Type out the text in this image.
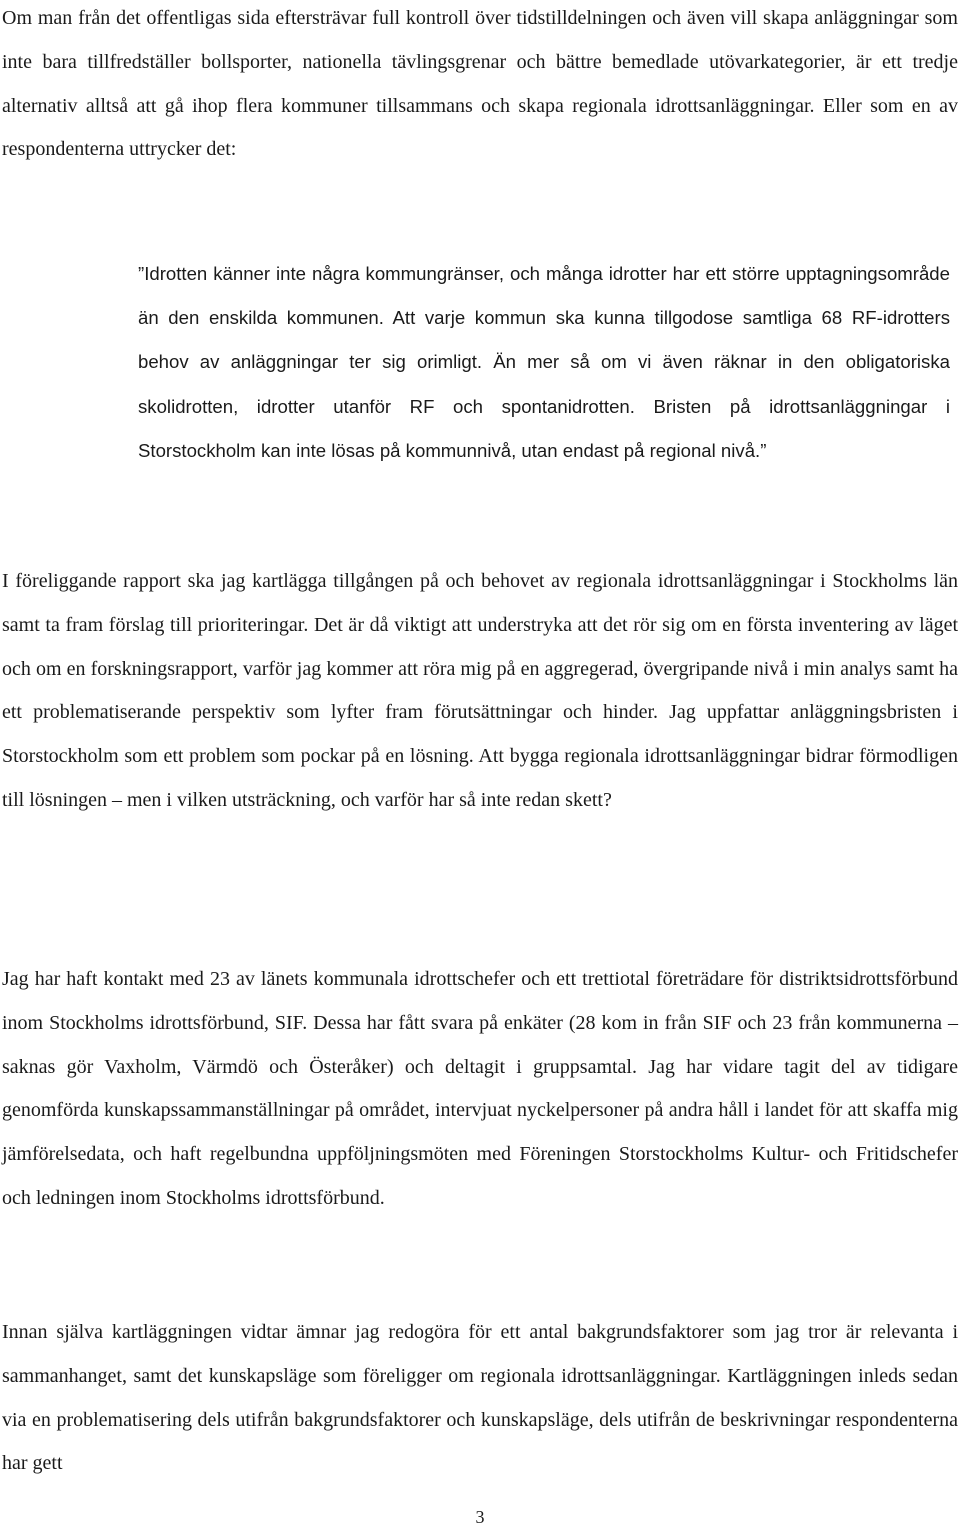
Om man från det offentligas sida eftersträvar full kontroll över tidstilldelningen och även vill skapa anläggningar som inte bara tillfredställer bollsporter, nationella tävlingsgrenar och bättre bemedlade utövarkategorier, är ett tredje alternativ alltså att gå ihop flera kommuner tillsammans och skapa regionala idrottsanläggningar. Eller som en av respondenterna uttrycker det:

”Idrotten känner inte några kommungränser, och många idrotter har ett större upptagningsområde än den enskilda kommunen. Att varje kommun ska kunna tillgodose samtliga 68 RF-idrotters behov av anläggningar ter sig orimligt. Än mer så om vi även räknar in den obligatoriska skolidrotten, idrotter utanför RF och spontanidrotten. Bristen på idrottsanläggningar i Storstockholm kan inte lösas på kommunnivå, utan endast på regional nivå.”

I föreliggande rapport ska jag kartlägga tillgången på och behovet av regionala idrottsanläggningar i Stockholms län samt ta fram förslag till prioriteringar. Det är då viktigt att understryka att det rör sig om en första inventering av läget och om en forskningsrapport, varför jag kommer att röra mig på en aggregerad, övergripande nivå i min analys samt ha ett problematiserande perspektiv som lyfter fram förutsättningar och hinder. Jag uppfattar anläggningsbristen i Storstockholm som ett problem som pockar på en lösning. Att bygga regionala idrottsanläggningar bidrar förmodligen till lösningen – men i vilken utsträckning, och varför har så inte redan skett?

Jag har haft kontakt med 23 av länets kommunala idrottschefer och ett trettiotal företrädare för distriktsidrottsförbund inom Stockholms idrottsförbund, SIF. Dessa har fått svara på enkäter (28 kom in från SIF och 23 från kommunerna – saknas gör Vaxholm, Värmdö och Österåker) och deltagit i gruppsamtal. Jag har vidare tagit del av tidigare genomförda kunskapssammanställningar på området, intervjuat nyckelpersoner på andra håll i landet för att skaffa mig jämförelsedata, och haft regelbundna uppföljningsmöten med Föreningen Storstockholms Kultur- och Fritidschefer och ledningen inom Stockholms idrottsförbund.

Innan själva kartläggningen vidtar ämnar jag redogöra för ett antal bakgrundsfaktorer som jag tror är relevanta i sammanhanget, samt det kunskapsläge som föreligger om regionala idrottsanläggningar. Kartläggningen inleds sedan via en problematisering dels utifrån bakgrundsfaktorer och kunskapsläge, dels utifrån de beskrivningar respondenterna har gett

3
